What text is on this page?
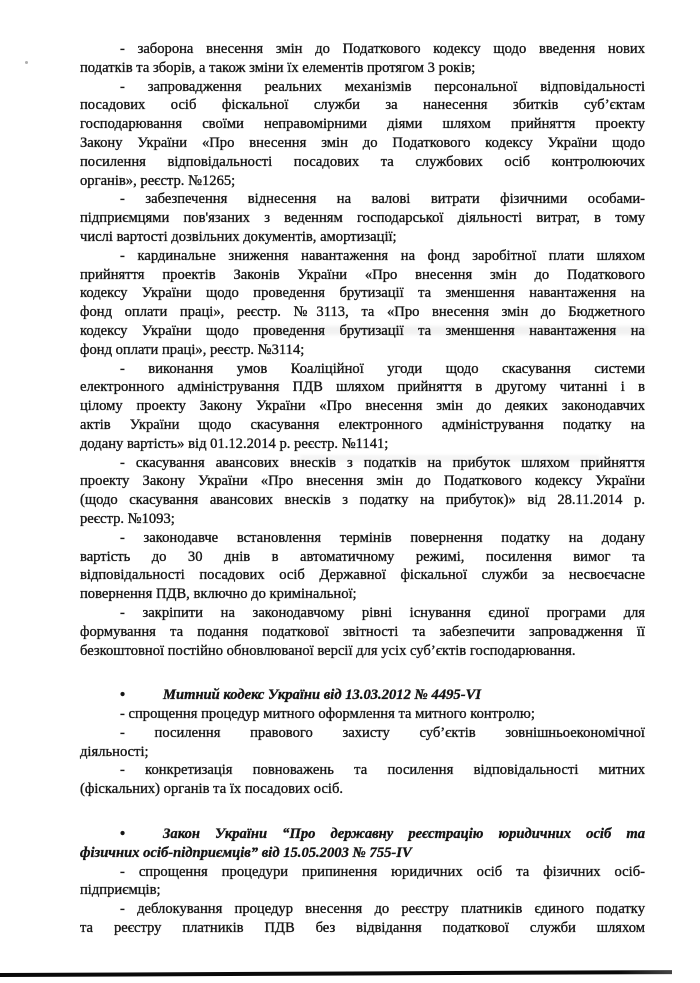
- заборона внесення змін до Податкового кодексу щодо введення нових
податків та зборів, а також зміни їх елементів протягом 3 років;
- запровадження реальних механізмів персональної відповідальності
посадових осіб фіскальної служби за нанесення збитків суб’єктам
господарювання своїми неправомірними діями шляхом прийняття проекту
Закону України «Про внесення змін до Податкового кодексу України щодо
посилення відповідальності посадових та службових осіб контролюючих
органів», реєстр. №1265;
- забезпечення віднесення на валові витрати фізичними особами-
підприємцями пов'язаних з веденням господарської діяльності витрат, в тому
числі вартості дозвільних документів, амортизації;
- кардинальне зниження навантаження на фонд заробітної плати шляхом
прийняття проектів Законів України «Про внесення змін до Податкового
кодексу України щодо проведення брутизації та зменшення навантаження на
фонд оплати праці», реєстр. №3113, та «Про внесення змін до Бюджетного
кодексу України щодо проведення брутизації та зменшення навантаження на
фонд оплати праці», реєстр. №3114;
- виконання умов Коаліційної угоди щодо скасування системи
електронного адміністрування ПДВ шляхом прийняття в другому читанні і в
цілому проекту Закону України «Про внесення змін до деяких законодавчих
актів України щодо скасування електронного адміністрування податку на
додану вартість» від 01.12.2014 р. реєстр. №1141;
- скасування авансових внесків з податків на прибуток шляхом прийняття
проекту Закону України «Про внесення змін до Податкового кодексу України
(щодо скасування авансових внесків з податку на прибуток)» від 28.11.2014 р.
реєстр. №1093;
- законодавче встановлення термінів повернення податку на додану
вартість до 30 днів в автоматичному режимі, посилення вимог та
відповідальності посадових осіб Державної фіскальної служби за несвоєчасне
повернення ПДВ, включно до кримінальної;
- закріпити на законодавчому рівні існування єдиної програми для
формування та подання податкової звітності та забезпечити запровадження її
безкоштовної постійно обновлюваної версії для усіх суб’єктів господарювання.
•	Митний кодекс України від 13.03.2012 № 4495-VI
- спрощення процедур митного оформлення та митного контролю;
- посилення правового захисту суб’єктів зовнішньоекономічної
діяльності;
- конкретизація повноважень та посилення відповідальності митних
(фіскальних) органів та їх посадових осіб.
•	Закон України “Про державну реєстрацію юридичних осіб та
фізичних осіб-підприємців” від 15.05.2003 № 755-IV
- спрощення процедури припинення юридичних осіб та фізичних осіб-
підприємців;
- деблокування процедур внесення до реєстру платників єдиного податку
та реєстру платників ПДВ без відвідання податкової служби шляхом
